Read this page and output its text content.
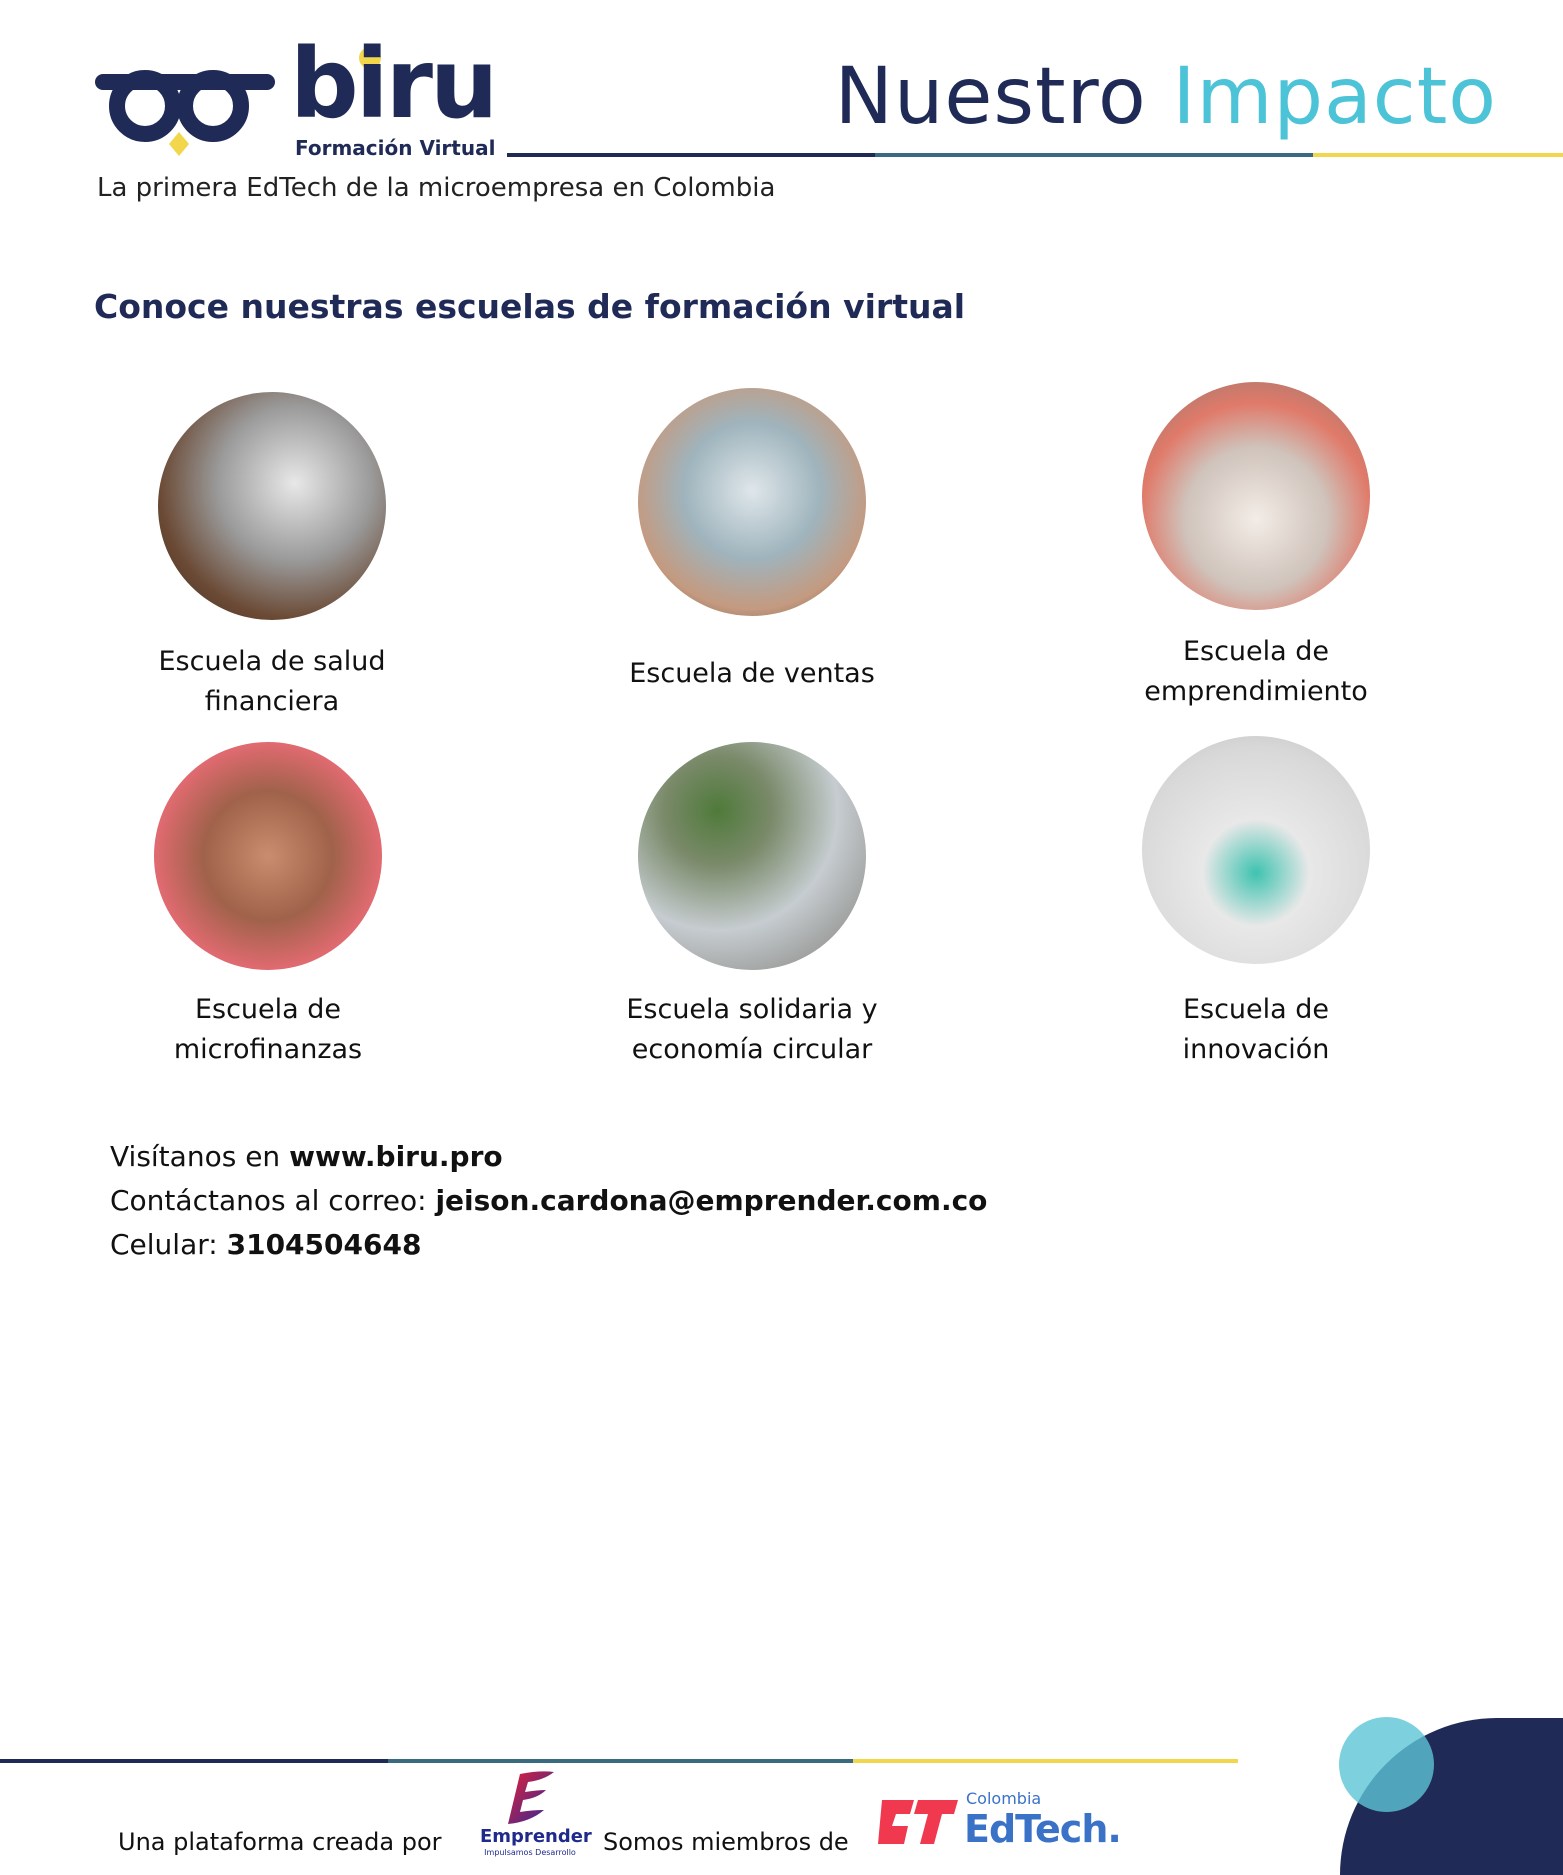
biru
Formación Virtual
Nuestro Impacto
La primera EdTech de la microempresa en Colombia
Conoce nuestras escuelas de formación virtual
Escuela de salud
financiera
Escuela de ventas
Escuela de
emprendimiento
Escuela de
microfinanzas
Escuela solidaria y
economía circular
Escuela de
innovación
Visítanos en www.biru.pro
Contáctanos al correo: jeison.cardona@emprender.com.co
Celular: 3104504648
Una plataforma creada por Emprender
Impulsamos Desarrollo Somos miembros de
Colombia
EdTech.
